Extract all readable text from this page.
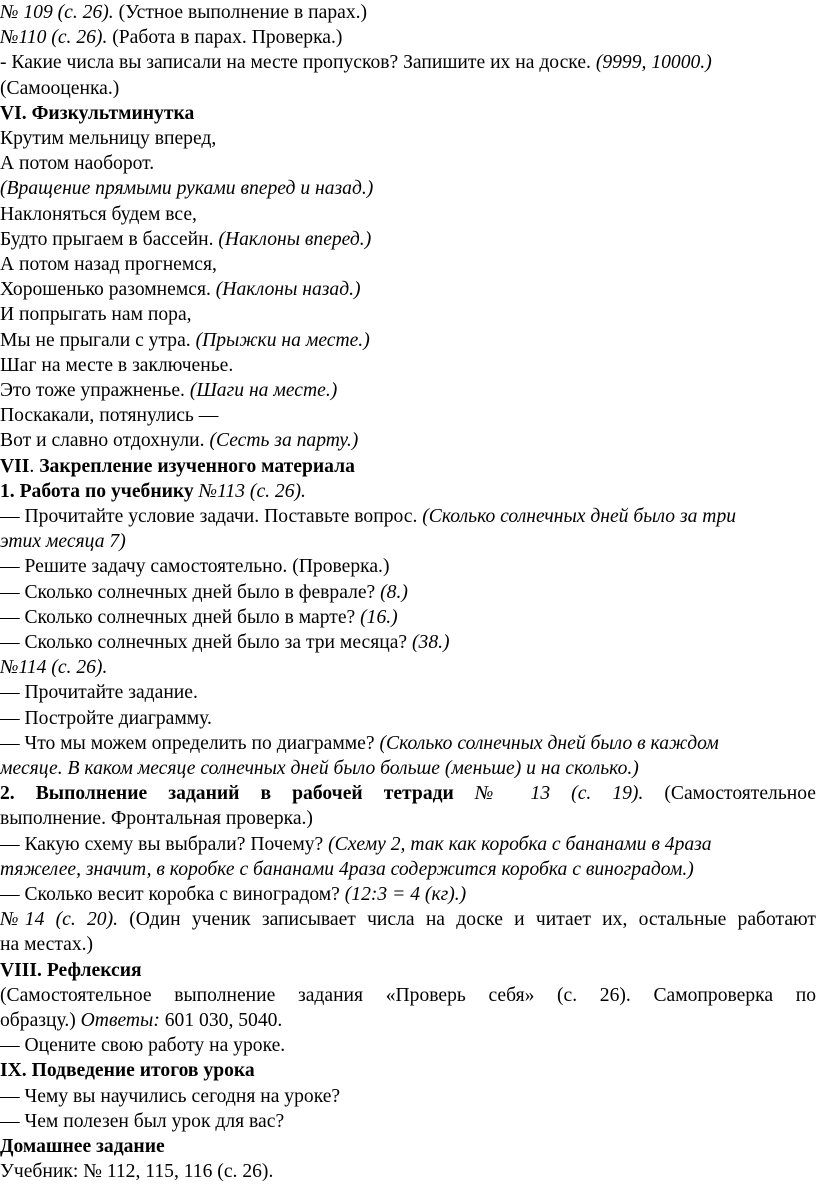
№ 109 (с. 26). (Устное выполнение в парах.)
№110 (с. 26). (Работа в парах. Проверка.)
- Какие числа вы записали на месте пропусков? Запишите их на доске. (9999, 10000.)
(Самооценка.)
VI. Физкультминутка
Крутим мельницу вперед,
А потом наоборот.
(Вращение прямыми руками вперед и назад.)
Наклоняться будем все,
Будто прыгаем в бассейн. (Наклоны вперед.)
А потом назад прогнемся,
Хорошенько разомнемся. (Наклоны назад.)
И попрыгать нам пора,
Мы не прыгали с утра. (Прыжки на месте.)
Шаг на месте в заключенье.
Это тоже упражненье. (Шаги на месте.)
Поскакали, потянулись —
Вот и славно отдохнули. (Сесть за парту.)
VII. Закрепление изученного материала
1. Работа по учебнику №113 (с. 26).
— Прочитайте условие задачи. Поставьте вопрос. (Сколько солнечных дней было за три
этих месяца 7)
— Решите задачу самостоятельно. (Проверка.)
— Сколько солнечных дней было в феврале? (8.)
— Сколько солнечных дней было в марте? (16.)
— Сколько солнечных дней было за три месяца? (38.)
№114 (с. 26).
— Прочитайте задание.
— Постройте диаграмму.
— Что мы можем определить по диаграмме? (Сколько солнечных дней было в каждом
месяце. В каком месяце солнечных дней было больше (меньше) и на сколько.)
2. Выполнение заданий в рабочей тетради № 13 (с. 19). (Самостоятельное
выполнение. Фронтальная проверка.)
— Какую схему вы выбрали? Почему? (Схему 2, так как коробка с бананами в 4раза
тяжелее, значит, в коробке с бананами 4раза содержится коробка с виноградом.)
— Сколько весит коробка с виноградом? (12:3 = 4 (кг).)
№14 (с. 20). (Один ученик записывает числа на доске и читает их, остальные работают
на местах.)
VIII. Рефлексия
(Самостоятельное выполнение задания «Проверь себя» (с. 26). Самопроверка по
образцу.) Ответы: 601 030, 5040.
— Оцените свою работу на уроке.
IX. Подведение итогов урока
— Чему вы научились сегодня на уроке?
— Чем полезен был урок для вас?
Домашнее задание
Учебник: № 112, 115, 116 (с. 26).
